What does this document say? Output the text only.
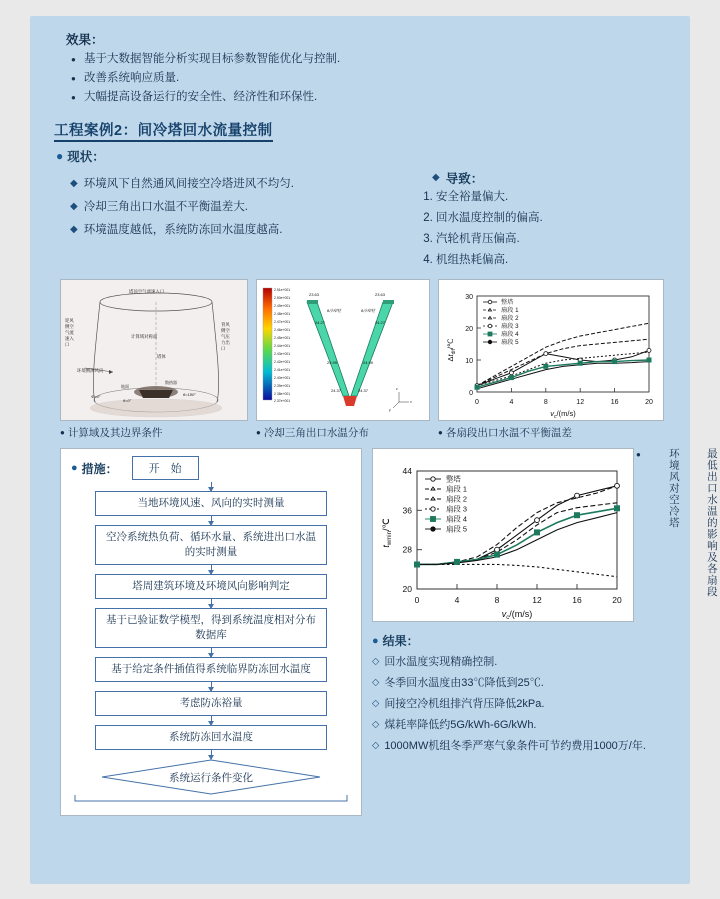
效果：
● 基于大数据智能分析实现目标参数智能优化与控制.
● 改善系统响应质量.
● 大幅提高设备运行的安全性、经济性和环保性.
工程案例2：间冷塔回水流量控制
● 现状：
◆ 环境风下自然通风间接空冷塔进风不均匀.
◆ 冷却三角出口水温不平衡温差大.
◆ 环境温度越低，系统防冻回水温度越高.
◆ 导致：
1. 安全裕量偏大.
2. 回水温度控制的偏高.
3. 汽轮机背压偏高.
4. 机组热耗偏高.
塔顶空气流速入口
迎风
侧空
气流
速入
口
背风
侧空
气压
力出
口
计算域对称面
塔体
环境侧测风向
散热器
地面
θ=0°
θ=180°
Φ=0°
● 计算域及其边界条件
2.51e+001
2.50e+001
2.49e+001
2.48e+001
2.47e+001
2.46e+001
2.45e+001
2.44e+001
2.43e+001
2.42e+001
2.41e+001
2.40e+001
2.39e+001
2.38e+001
2.37e+001
23.63	23.63
24.27	24.27
24.99	24.99
24.37	24.37
θ冷却柱	θ冷却柱
x
z
y
● 冷却三角出口水温分布
0	4	8	12	16	20
0
10
20
30
$v_c/(m/s)$
$\Delta t_{dif}/℃$
整塔
扇段 1
扇段 2
扇段 3
扇段 4
扇段 5
● 各扇段出口水温不平衡温差
● 措施：	开　始
当地环境风速、风向的实时测量
空冷系统热负荷、循环水量、系统进出口水温的实时测量
塔周建筑环境及环境风向影响判定
基于已验证数学模型，得到系统温度相对分布数据库
基于给定条件插值得系统临界防冻回水温度
考虑防冻裕量
系统防冻回水温度
系统运行条件变化
0	4	8	12	16	20
20
28
36
44
$v_c/(m/s)$
$t_{wmin}/℃$
整塔
扇段 1
扇段 2
扇段 3
扇段 4
扇段 5
●	环境风对空冷塔	最低出口水温的影响及各扇段
● 结果：
◇ 回水温度实现精确控制.
◇ 冬季回水温度由33℃降低到25℃.
◇ 间接空冷机组排汽背压降低2kPa.
◇ 煤耗率降低约5G/kWh-6G/kWh.
◇ 1000MW机组冬季严寒气象条件可节约费用1000万/年.
